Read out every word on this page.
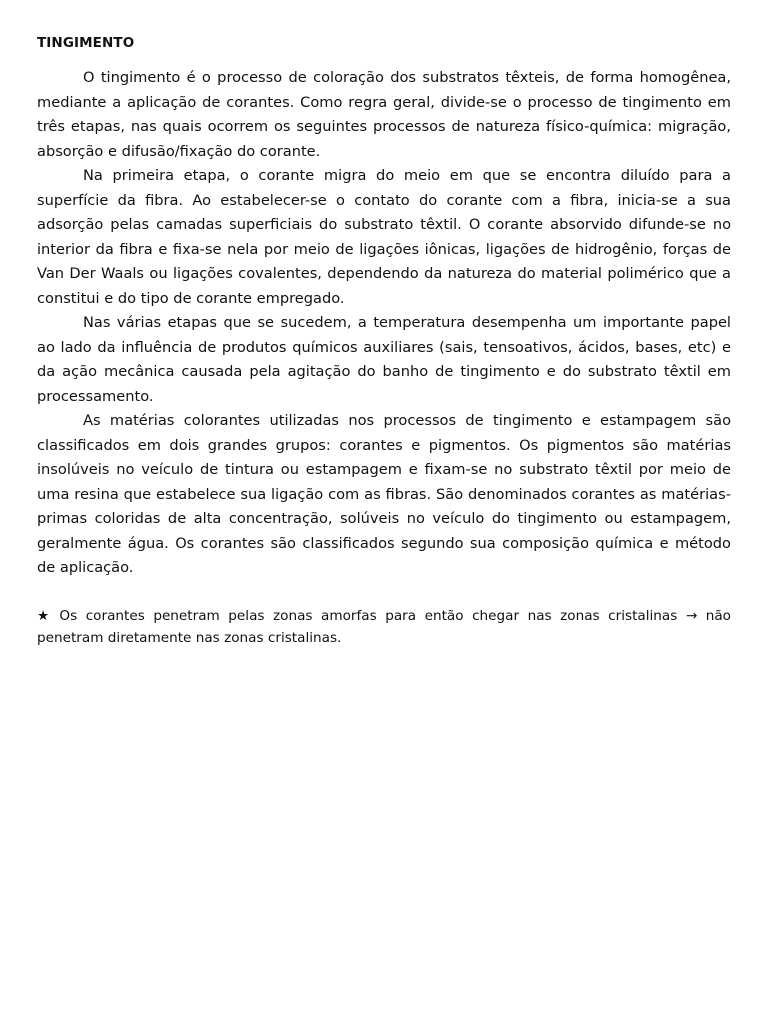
TINGIMENTO

O tingimento é o processo de coloração dos substratos têxteis, de forma homogênea, mediante a aplicação de corantes. Como regra geral, divide-se o processo de tingimento em três etapas, nas quais ocorrem os seguintes processos de natureza físico-química: migração, absorção e difusão/fixação do corante.

Na primeira etapa, o corante migra do meio em que se encontra diluído para a superfície da fibra. Ao estabelecer-se o contato do corante com a fibra, inicia-se a sua adsorção pelas camadas superficiais do substrato têxtil. O corante absorvido difunde-se no interior da fibra e fixa-se nela por meio de ligações iônicas, ligações de hidrogênio, forças de Van Der Waals ou ligações covalentes, dependendo da natureza do material polimérico que a constitui e do tipo de corante empregado.

Nas várias etapas que se sucedem, a temperatura desempenha um importante papel ao lado da influência de produtos químicos auxiliares (sais, tensoativos, ácidos, bases, etc) e da ação mecânica causada pela agitação do banho de tingimento e do substrato têxtil em processamento.

As matérias colorantes utilizadas nos processos de tingimento e estampagem são classificados em dois grandes grupos: corantes e pigmentos. Os pigmentos são matérias insolúveis no veículo de tintura ou estampagem e fixam-se no substrato têxtil por meio de uma resina que estabelece sua ligação com as fibras. São denominados corantes as matérias-primas coloridas de alta concentração, solúveis no veículo do tingimento ou estampagem, geralmente água. Os corantes são classificados segundo sua composição química e método de aplicação.

★ Os corantes penetram pelas zonas amorfas para então chegar nas zonas cristalinas → não penetram diretamente nas zonas cristalinas.
